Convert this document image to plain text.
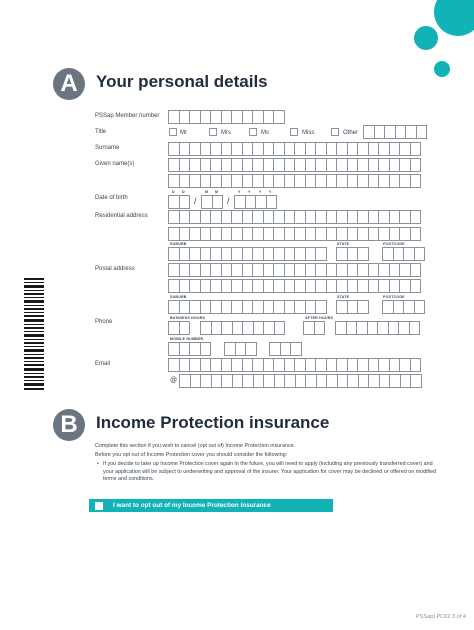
A	Your personal details
PSSap Member number
Title	Mr	Mrs	Ms	Miss	Other
Surname
Given name(s)
D D	M M	Y Y Y Y
Date of birth	/	/
Residential address
SUBURB	STATE	POSTCODE
Postal address
SUBURB	STATE	POSTCODE
BUSINESS HOURS	AFTER HOURS
Phone
MOBILE NUMBER
Email
@
B	Income Protection insurance
Complete this section if you wish to cancel (opt out of) Income Protection insurance.
Before you opt out of Income Protection cover you should consider the following:
• If you decide to take up Income Protection cover again in the future, you will need to apply (including any previously transferred cover) and your application will be subject to underwriting and approval of the insurer. Your application for cover may be declined or offered on modified terms and conditions.
I want to opt out of my Income Protection insurance
PSSapLPC02 3 of 4
